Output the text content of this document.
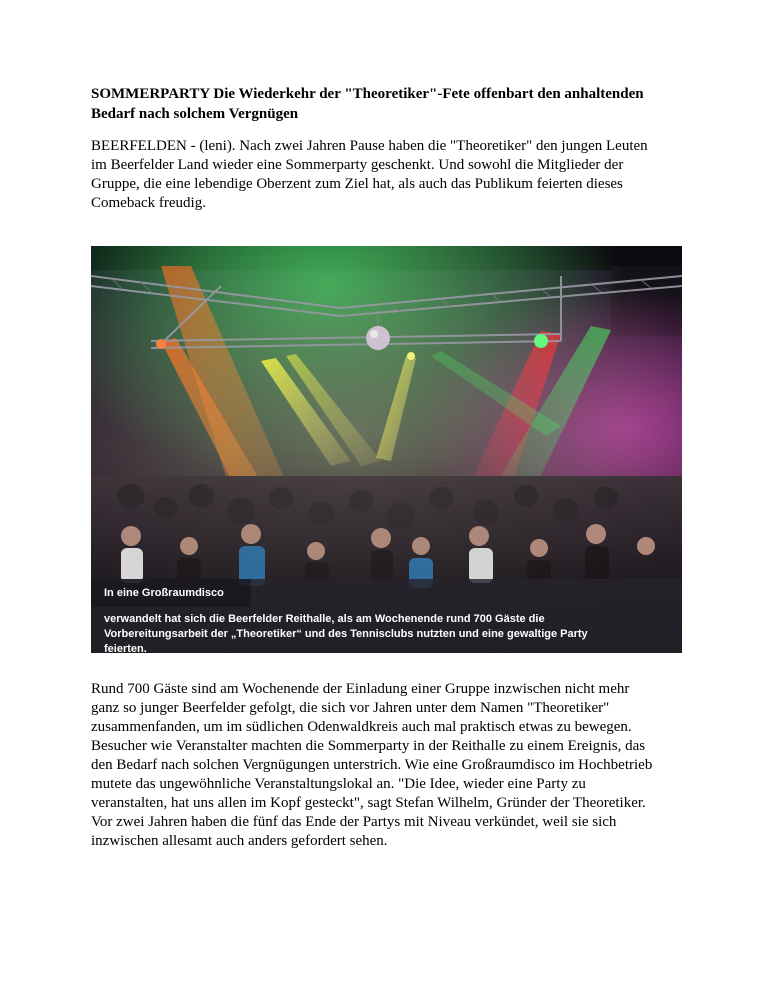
SOMMERPARTY Die Wiederkehr der "Theoretiker"-Fete offenbart den anhaltenden
Bedarf nach solchem Vergnügen
BEERFELDEN - (leni). Nach zwei Jahren Pause haben die "Theoretiker" den jungen Leuten
im Beerfelder Land wieder eine Sommerparty geschenkt. Und sowohl die Mitglieder der
Gruppe, die eine lebendige Oberzent zum Ziel hat, als auch das Publikum feierten dieses
Comeback freudig.
In eine Großraumdisco
verwandelt hat sich die Beerfelder Reithalle, als am Wochenende rund 700 Gäste die
Vorbereitungsarbeit der „Theoretiker“ und des Tennisclubs nutzten und eine gewaltige Party
feierten.
Rund 700 Gäste sind am Wochenende der Einladung einer Gruppe inzwischen nicht mehr
ganz so junger Beerfelder gefolgt, die sich vor Jahren unter dem Namen "Theoretiker"
zusammenfanden, um im südlichen Odenwaldkreis auch mal praktisch etwas zu bewegen.
Besucher wie Veranstalter machten die Sommerparty in der Reithalle zu einem Ereignis, das
den Bedarf nach solchen Vergnügungen unterstrich. Wie eine Großraumdisco im Hochbetrieb
mutete das ungewöhnliche Veranstaltungslokal an. "Die Idee, wieder eine Party zu
veranstalten, hat uns allen im Kopf gesteckt", sagt Stefan Wilhelm, Gründer der Theoretiker.
Vor zwei Jahren haben die fünf das Ende der Partys mit Niveau verkündet, weil sie sich
inzwischen allesamt auch anders gefordert sehen.
